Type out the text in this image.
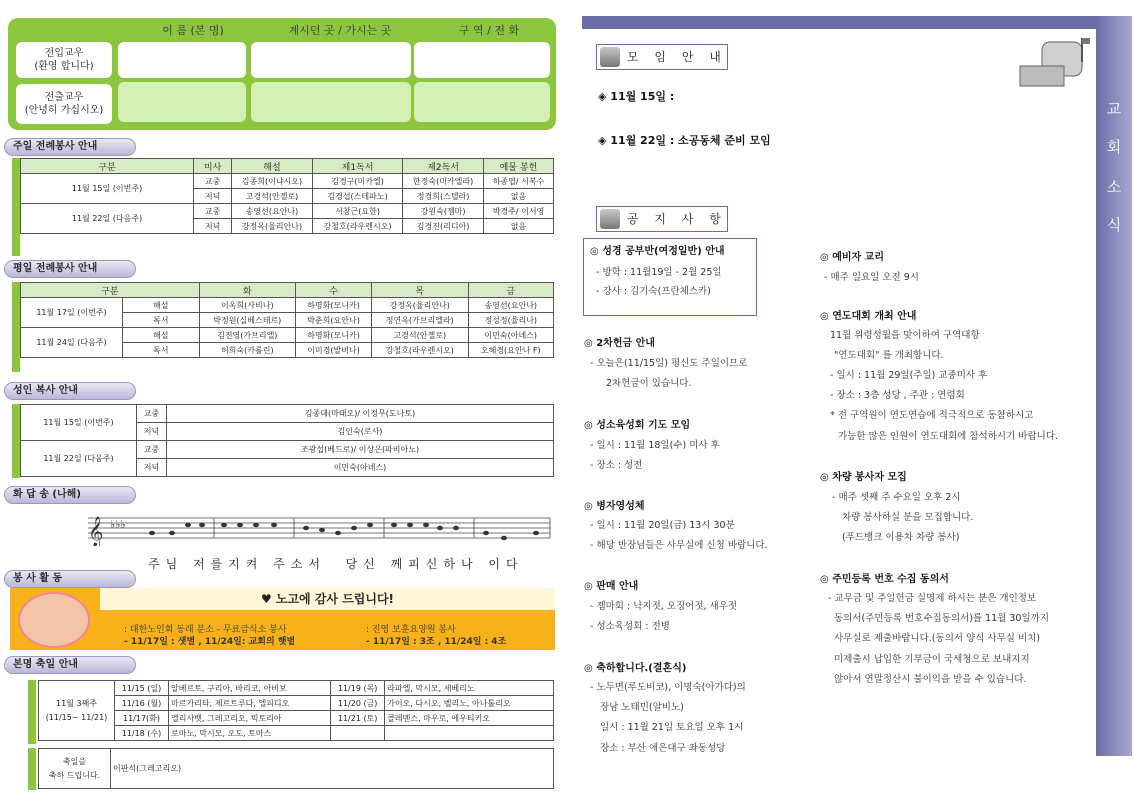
이 름 (본 명)	계시던 곳 / 가시는 곳	구 역 / 전 화
전입교우
(환영 합니다)
전출교우
(안녕히 가십시오)
주일 전례봉사 안내
구분	미사	해설	제1독서	제2독서	예물 봉헌
11월 15일 (이번주)	교중	김종희(이냐시오)	김경구(미카엘)	한정숙(미카엘라)	하종엽/ 서복수
	저녁	고경석(안젤로)	김경섭(스테파노)	정경희(스텔라)	없음
11월 22일 (다음주)	교중	송영선(요안나)	서창근(요한)	강원숙(젬마)	박경주/ 이서영
	저녁	강정옥(율리안나)	강철호(라우렌시오)	김경진(리디아)	없음
평일 전례봉사 안내
구분		화	수	목	금
11월 17일 (이번주)	해설	이옥희(사비나)	하명화(모니카)	강정옥(율리안나)	송영선(요안나)
	독서	박정원(실베스테르)	박춘희(요안나)	정연옥(가브리엘라)	정성정(율리나)
11월 24일 (다음주)	해설	김진영(가브리엘)	하명화(모니카)	고경석(안젤로)	이민숙(아녜스)
	독서	허희숙(카롤린)	이미경(발비나)	강철호(라우렌시오)	오혜경(요안나 F)
성인 복사 안내
11월 15일 (이번주)	교중	김종대(마태오)/ 이정무(도나토)
	저녁	김인숙(로사)
11월 22일 (다음주)	교중	조광섭(베드로)/ 이상은(파비아노)
	저녁	이민숙(아녜스)
화 답 송 (나해)
𝄞 ♭♭♭
주님 저를지켜 주소서  당신 께피신하나 이다
봉 사 활 동
♥ 노고에 감사 드립니다!
: 대한노인회 동래 분소 - 무료급식소 봉사
- 11/17일 : 샛별 , 11/24일: 교회의 햇볕
: 진영 보훈요양원 봉사
- 11/17일 : 3조 , 11/24일 : 4조
본명 축일 안내
11월 3째주
(11/15~ 11/21)	11/15 (일)	알베르토, 구리아, 바리코, 아비보	11/19 (목)	라파엘, 막시모, 세베리노
	11/16 (월)	마르가리타, 제르트루다, 엘피디오	11/20 (금)	가이오, 다시오, 벨리노, 아나톨리오
	11/17(화)	엘리사벳, 그레고리오, 빅토리아	11/21 (토)	콜레멘스, 마우로, 에우티키오
	11/18 (수)	로마노, 막시모, 오도, 토마스		
축일을
축하 드립니다.	이판석(그레고리오)
교
회
소
식
모 임 안 내
◈ 11월 15일 :
◈ 11월 22일 : 소공동체 준비 모임
공 지 사 항
◎ 성경 공부반(여정일반) 안내
- 방학 : 11월19일 - 2월 25일
- 강사 : 김기숙(프란체스카)
◎ 2차헌금 안내
- 오늘은(11/15일) 평신도 주일이므로
2차헌금이 있습니다.
◎ 성소육성회 기도 모임
- 일시 : 11월 18일(수) 미사 후
- 장소 : 성전
◎ 병자영성체
- 일시 : 11월 20일(금) 13시 30분
- 해당 반장님들은 사무실에 신청 바랍니다.
◎ 판매 안내
- 젬마회 : 낙지젓, 오징어젓, 새우젓
- 성소육성회 : 전병
◎ 축하합니다.(결혼식)
- 노두면(루도비코), 이명숙(아가다)의
장남 노태민(알비노)
일시 : 11월 21일 토요일 오후 1시
장소 : 부산 애은대구 좌동성당
◎ 예비자 교리
- 매주 일요일 오전 9시
◎ 연도대회 개최 안내
11월 위령성월을 맞이하여 구역대항
"연도대회" 를 개최합니다.
- 일시 : 11월 29일(주일) 교중미사 후
- 장소 : 3층 성당 , 주관 : 연령회
* 전 구역원이 연도연습에 적극적으로 동참하시고
가능한 많은 인원이 연도대회에 참석하시기 바랍니다.
◎ 차량 봉사자 모집
- 매주 셋째 주 수요일 오후 2시
차량 봉사하실 분을 모집합니다.
(푸드뱅크 이용차 차량 봉사)
◎ 주민등록 번호 수집 동의서
- 교무금 및 주일헌금 실명제 하시는 분은 개인정보
동의서(주민등록 번호수집동의서)를 11월 30일까지
사무실로 제출바랍니다.(동의서 양식 사무실 비치)
미제출시 납입한 기부금이 국세청으로 보내지지
않아서 연말정산시 불이익을 받을 수 있습니다.
